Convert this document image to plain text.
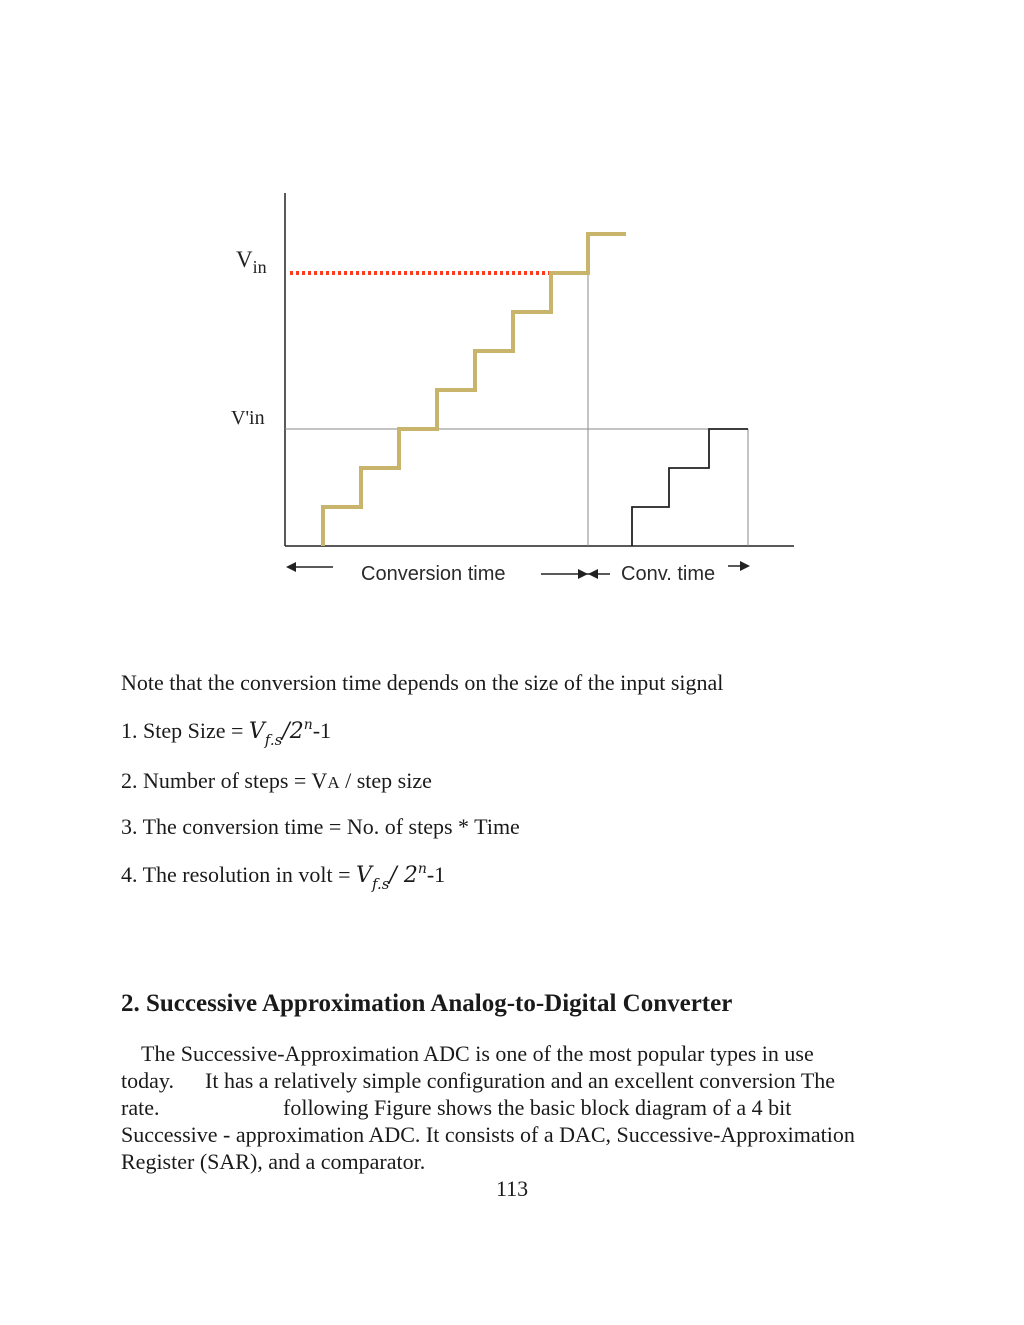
$V_{in}$
V'in
Conversion time	Conv. time
Note that the conversion time depends on the size of the input signal
1. Step Size = $V_{f.s}/2^n-1$
2. Number of steps = VA / step size
3. The conversion time = No. of steps * Time
4. The resolution in volt = $V_{f.s}/$ 2$^n$-1
2. Successive Approximation Analog-to-Digital Converter
The Successive-Approximation ADC is one of the most popular types in use
today. It has a relatively simple configuration and an excellent conversion The
rate.	following Figure shows the basic block diagram of a 4 bit
Successive - approximation ADC. It consists of a DAC, Successive-Approximation
Register (SAR), and a comparator.
113
